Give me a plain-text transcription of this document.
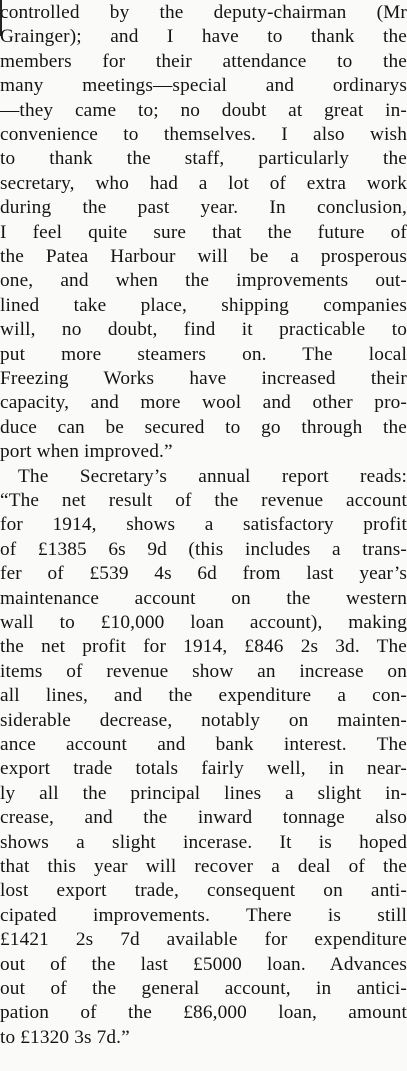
controlled by the deputy-chairman (Mr
Grainger); and I have to thank the
members for their attendance to the
many meetings—special and ordinarys
—they came to; no doubt at great in-
convenience to themselves. I also wish
to thank the staff, particularly the
secretary, who had a lot of extra work
during the past year. In conclusion,
I feel quite sure that the future of
the Patea Harbour will be a prosperous
one, and when the improvements out-
lined take place, shipping companies
will, no doubt, find it practicable to
put more steamers on. The local
Freezing Works have increased their
capacity, and more wool and other pro-
duce can be secured to go through the
port when improved.”
The Secretary’s annual report reads:
“The net result of the revenue account
for 1914, shows a satisfactory profit
of £1385 6s 9d (this includes a trans-
fer of £539 4s 6d from last year’s
maintenance account on the western
wall to £10,000 loan account), making
the net profit for 1914, £846 2s 3d. The
items of revenue show an increase on
all lines, and the expenditure a con-
siderable decrease, notably on mainten-
ance account and bank interest. The
export trade totals fairly well, in near-
ly all the principal lines a slight in-
crease, and the inward tonnage also
shows a slight incerase. It is hoped
that this year will recover a deal of the
lost export trade, consequent on anti-
cipated improvements. There is still
£1421 2s 7d available for expenditure
out of the last £5000 loan. Advances
out of the general account, in antici-
pation of the £86,000 loan, amount
to £1320 3s 7d.”
